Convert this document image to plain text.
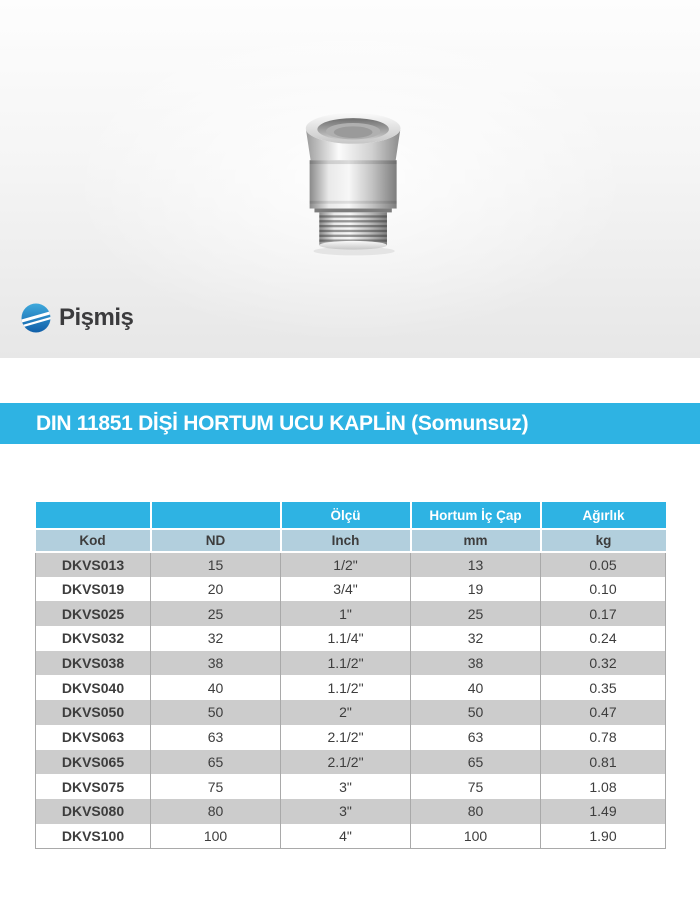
Pişmiş
DIN 11851 DİŞİ HORTUM UCU KAPLİN (Somunsuz)
		Ölçü	Hortum İç Çap	Ağırlık
Kod	ND	Inch	mm	kg
DKVS013	15	1/2"	13	0.05
DKVS019	20	3/4"	19	0.10
DKVS025	25	1"	25	0.17
DKVS032	32	1.1/4"	32	0.24
DKVS038	38	1.1/2"	38	0.32
DKVS040	40	1.1/2"	40	0.35
DKVS050	50	2"	50	0.47
DKVS063	63	2.1/2"	63	0.78
DKVS065	65	2.1/2"	65	0.81
DKVS075	75	3"	75	1.08
DKVS080	80	3"	80	1.49
DKVS100	100	4"	100	1.90
